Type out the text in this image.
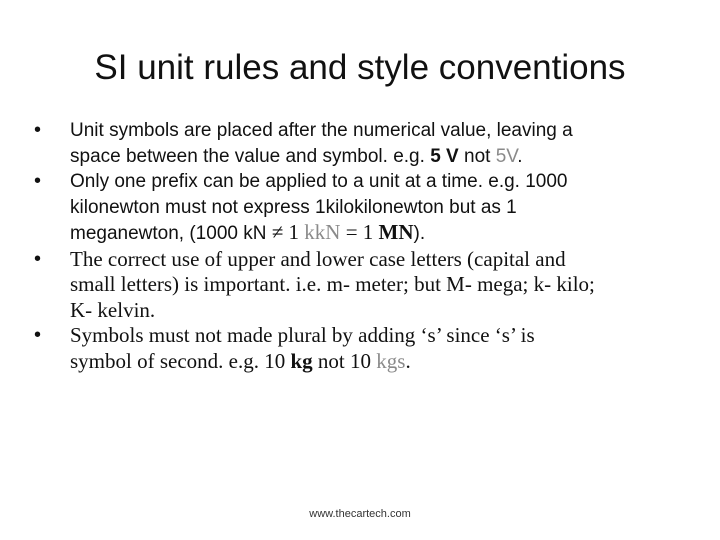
SI unit rules and style conventions
•	Unit symbols are placed after the numerical value, leaving a
space between the value and symbol. e.g. 5 V not 5V.
•	Only one prefix can be applied to a unit at a time. e.g. 1000
kilonewton must not express 1kilokilonewton but as 1
meganewton, (1000 kN ≠ 1 kkN = 1 MN).
•	The correct use of upper and lower case letters (capital and
small letters) is important. i.e. m- meter; but M- mega; k- kilo;
K- kelvin.
•	Symbols must not made plural by adding ‘s’ since ‘s’ is
symbol of second. e.g. 10 kg not 10 kgs.
www.thecartech.com
